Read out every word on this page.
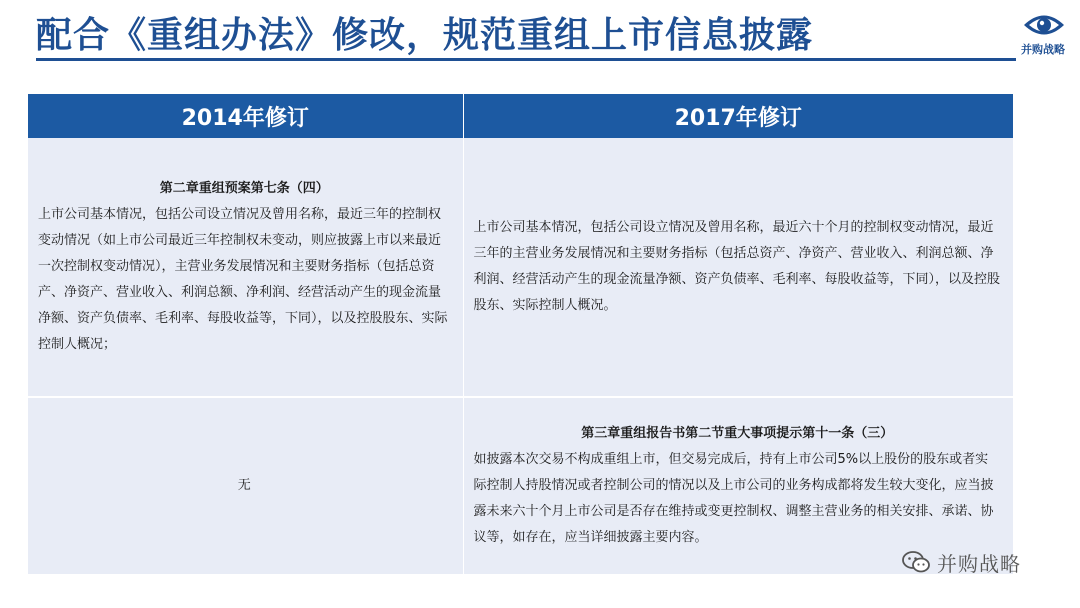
配合《重组办法》修改，规范重组上市信息披露	并购战略
2014年修订	2017年修订

第二章重组预案第七条（四）
上市公司基本情况，包括公司设立情况及曾用名称，最近三年的控制权变动情况（如上市公司最近三年控制权未变动，则应披露上市以来最近一次控制权变动情况），主营业务发展情况和主要财务指标（包括总资产、净资产、营业收入、利润总额、净利润、经营活动产生的现金流量净额、资产负债率、毛利率、每股收益等，下同），以及控股股东、实际控制人概况；	上市公司基本情况，包括公司设立情况及曾用名称，最近六十个月的控制权变动情况，最近三年的主营业务发展情况和主要财务指标（包括总资产、净资产、营业收入、利润总额、净利润、经营活动产生的现金流量净额、资产负债率、毛利率、每股收益等，下同），以及控股股东、实际控制人概况。

无	第三章重组报告书第二节重大事项提示第十一条（三）
如披露本次交易不构成重组上市，但交易完成后，持有上市公司5%以上股份的股东或者实际控制人持股情况或者控制公司的情况以及上市公司的业务构成都将发生较大变化，应当披露未来六十个月上市公司是否存在维持或变更控制权、调整主营业务的相关安排、承诺、协议等，如存在，应当详细披露主要内容。
并购战略
